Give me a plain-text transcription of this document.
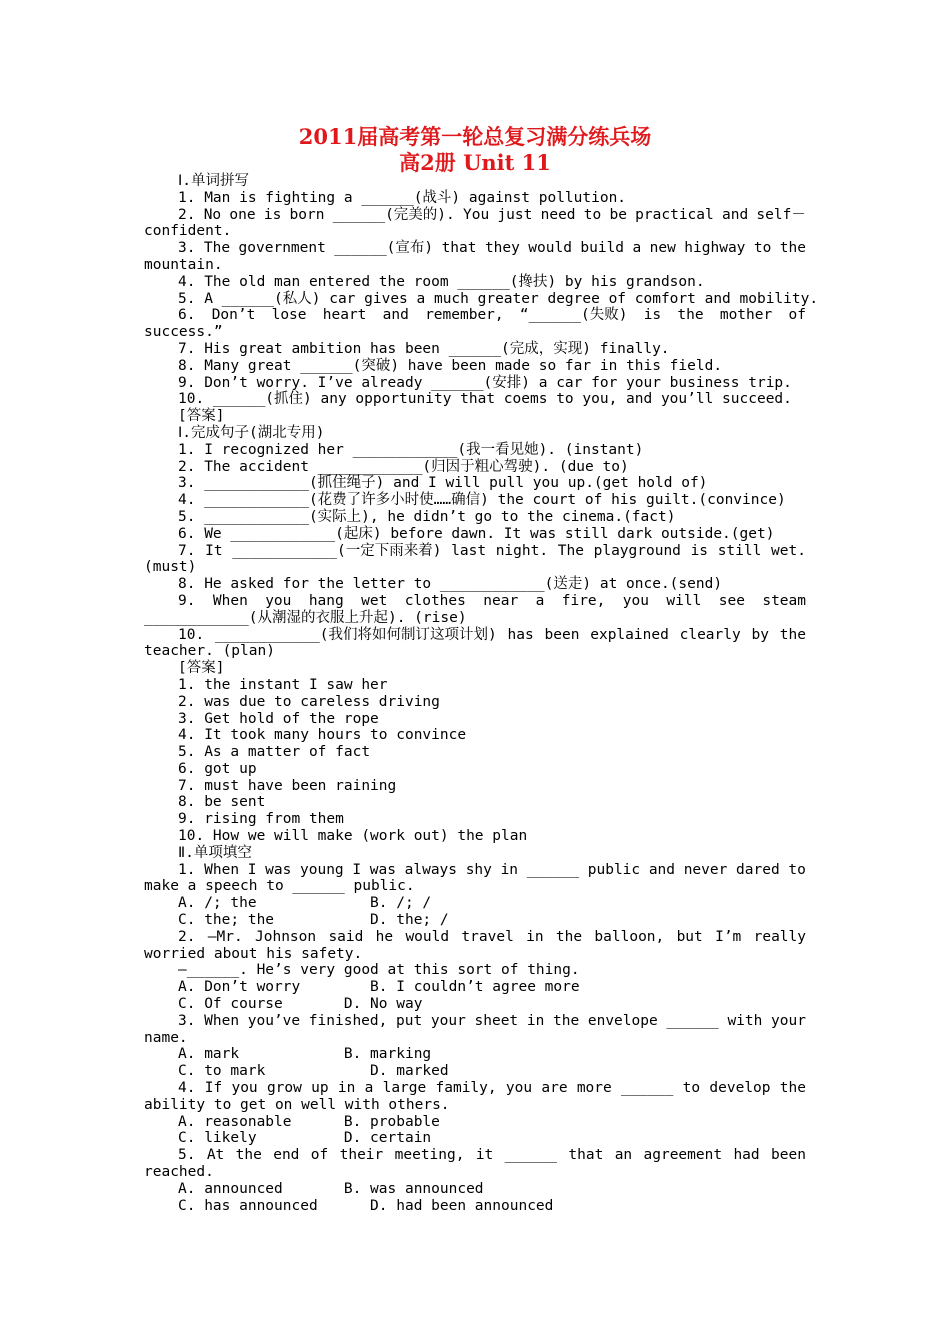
2011届高考第一轮总复习满分练兵场
高2册 Unit 11
Ⅰ.单词拼写
1. Man is fighting a ______(战斗) against pollution.
2. No one is born ______(完美的). You just need to be practical and self－
confident.
3. The government ______(宣布) that they would build a new highway to the
mountain.
4. The old man entered the room ______(搀扶) by his grandson.
5. A ______(私人) car gives a much greater degree of comfort and mobility.
6. Don’t lose heart and remember, “______(失败) is the mother of
success.”
7. His great ambition has been ______(完成，实现) finally.
8. Many great ______(突破) have been made so far in this field.
9. Don’t worry. I’ve already ______(安排) a car for your business trip.
10. ______(抓住) any opportunity that coems to you, and you’ll succeed.
[答案]
Ⅰ.完成句子(湖北专用)
1. I recognized her ____________(我一看见她). (instant)
2. The accident ____________(归因于粗心驾驶). (due to)
3. ____________(抓住绳子) and I will pull you up.(get hold of)
4. ____________(花费了许多小时使……确信) the court of his guilt.(convince)
5. ____________(实际上), he didn’t go to the cinema.(fact)
6. We ____________(起床) before dawn. It was still dark outside.(get)
7. It ____________(一定下雨来着) last night. The playground is still wet.
(must)
8. He asked for the letter to ____________(送走) at once.(send)
9. When you hang wet clothes near a fire, you will see steam
____________(从潮湿的衣服上升起). (rise)
10. ____________(我们将如何制订这项计划) has been explained clearly by the
teacher. (plan)
[答案]
1. the instant I saw her
2. was due to careless driving
3. Get hold of the rope
4. It took many hours to convince
5. As a matter of fact
6. got up
7. must have been raining
8. be sent
9. rising from them
10. How we will make (work out) the plan
Ⅱ.单项填空
1. When I was young I was always shy in ______ public and never dared to
make a speech to ______ public.
A. /; the             B. /; /
C. the; the           D. the; /
2. —Mr. Johnson said he would travel in the balloon, but I’m really
worried about his safety.
—______. He’s very good at this sort of thing.
A. Don’t worry        B. I couldn’t agree more
C. Of course       D. No way
3. When you’ve finished, put your sheet in the envelope ______ with your
name.
A. mark            B. marking
C. to mark            D. marked
4. If you grow up in a large family, you are more ______ to develop the
ability to get on well with others.
A. reasonable      B. probable
C. likely          D. certain
5. At the end of their meeting, it ______ that an agreement had been
reached.
A. announced       B. was announced
C. has announced      D. had been announced
